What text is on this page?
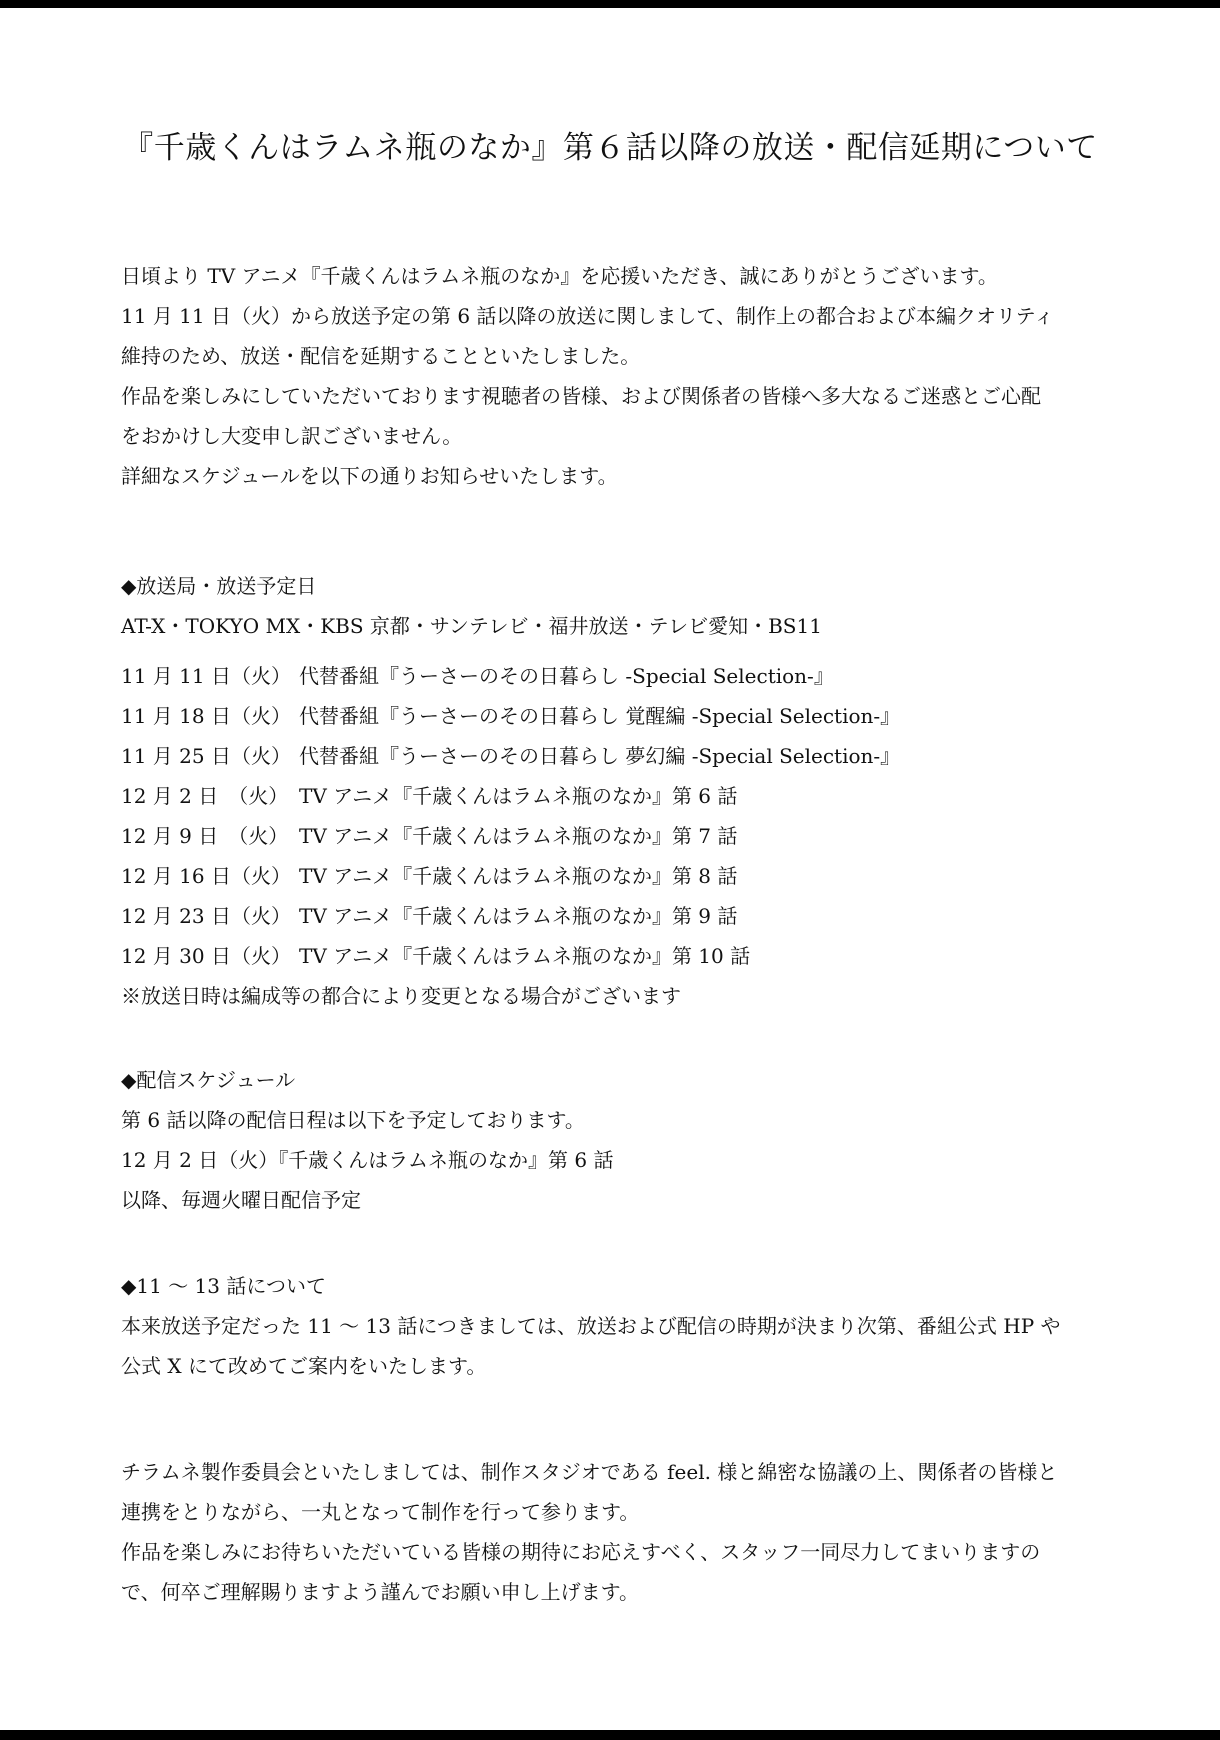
『千歳くんはラムネ瓶のなか』第６話以降の放送・配信延期について
日頃より TV アニメ『千歳くんはラムネ瓶のなか』を応援いただき、誠にありがとうございます。
11 月 11 日（火）から放送予定の第 6 話以降の放送に関しまして、制作上の都合および本編クオリティ
維持のため、放送・配信を延期することといたしました。
作品を楽しみにしていただいております視聴者の皆様、および関係者の皆様へ多大なるご迷惑とご心配
をおかけし大変申し訳ございません。
詳細なスケジュールを以下の通りお知らせいたします。
◆放送局・放送予定日
AT-X・TOKYO MX・KBS 京都・サンテレビ・福井放送・テレビ愛知・BS11
11 月 11 日（火） 代替番組『うーさーのその日暮らし -Special Selection-』
11 月 18 日（火） 代替番組『うーさーのその日暮らし 覚醒編 -Special Selection-』
11 月 25 日（火） 代替番組『うーさーのその日暮らし 夢幻編 -Special Selection-』
12 月 2 日　（火） TV アニメ『千歳くんはラムネ瓶のなか』第 6 話
12 月 9 日　（火） TV アニメ『千歳くんはラムネ瓶のなか』第 7 話
12 月 16 日（火） TV アニメ『千歳くんはラムネ瓶のなか』第 8 話
12 月 23 日（火） TV アニメ『千歳くんはラムネ瓶のなか』第 9 話
12 月 30 日（火） TV アニメ『千歳くんはラムネ瓶のなか』第 10 話
※放送日時は編成等の都合により変更となる場合がございます
◆配信スケジュール
第 6 話以降の配信日程は以下を予定しております。
12 月 2 日（火）『千歳くんはラムネ瓶のなか』第 6 話
以降、毎週火曜日配信予定
◆11 〜 13 話について
本来放送予定だった 11 〜 13 話につきましては、放送および配信の時期が決まり次第、番組公式 HP や
公式 X にて改めてご案内をいたします。
チラムネ製作委員会といたしましては、制作スタジオである feel. 様と綿密な協議の上、関係者の皆様と
連携をとりながら、一丸となって制作を行って参ります。
作品を楽しみにお待ちいただいている皆様の期待にお応えすべく、スタッフ一同尽力してまいりますの
で、何卒ご理解賜りますよう謹んでお願い申し上げます。
